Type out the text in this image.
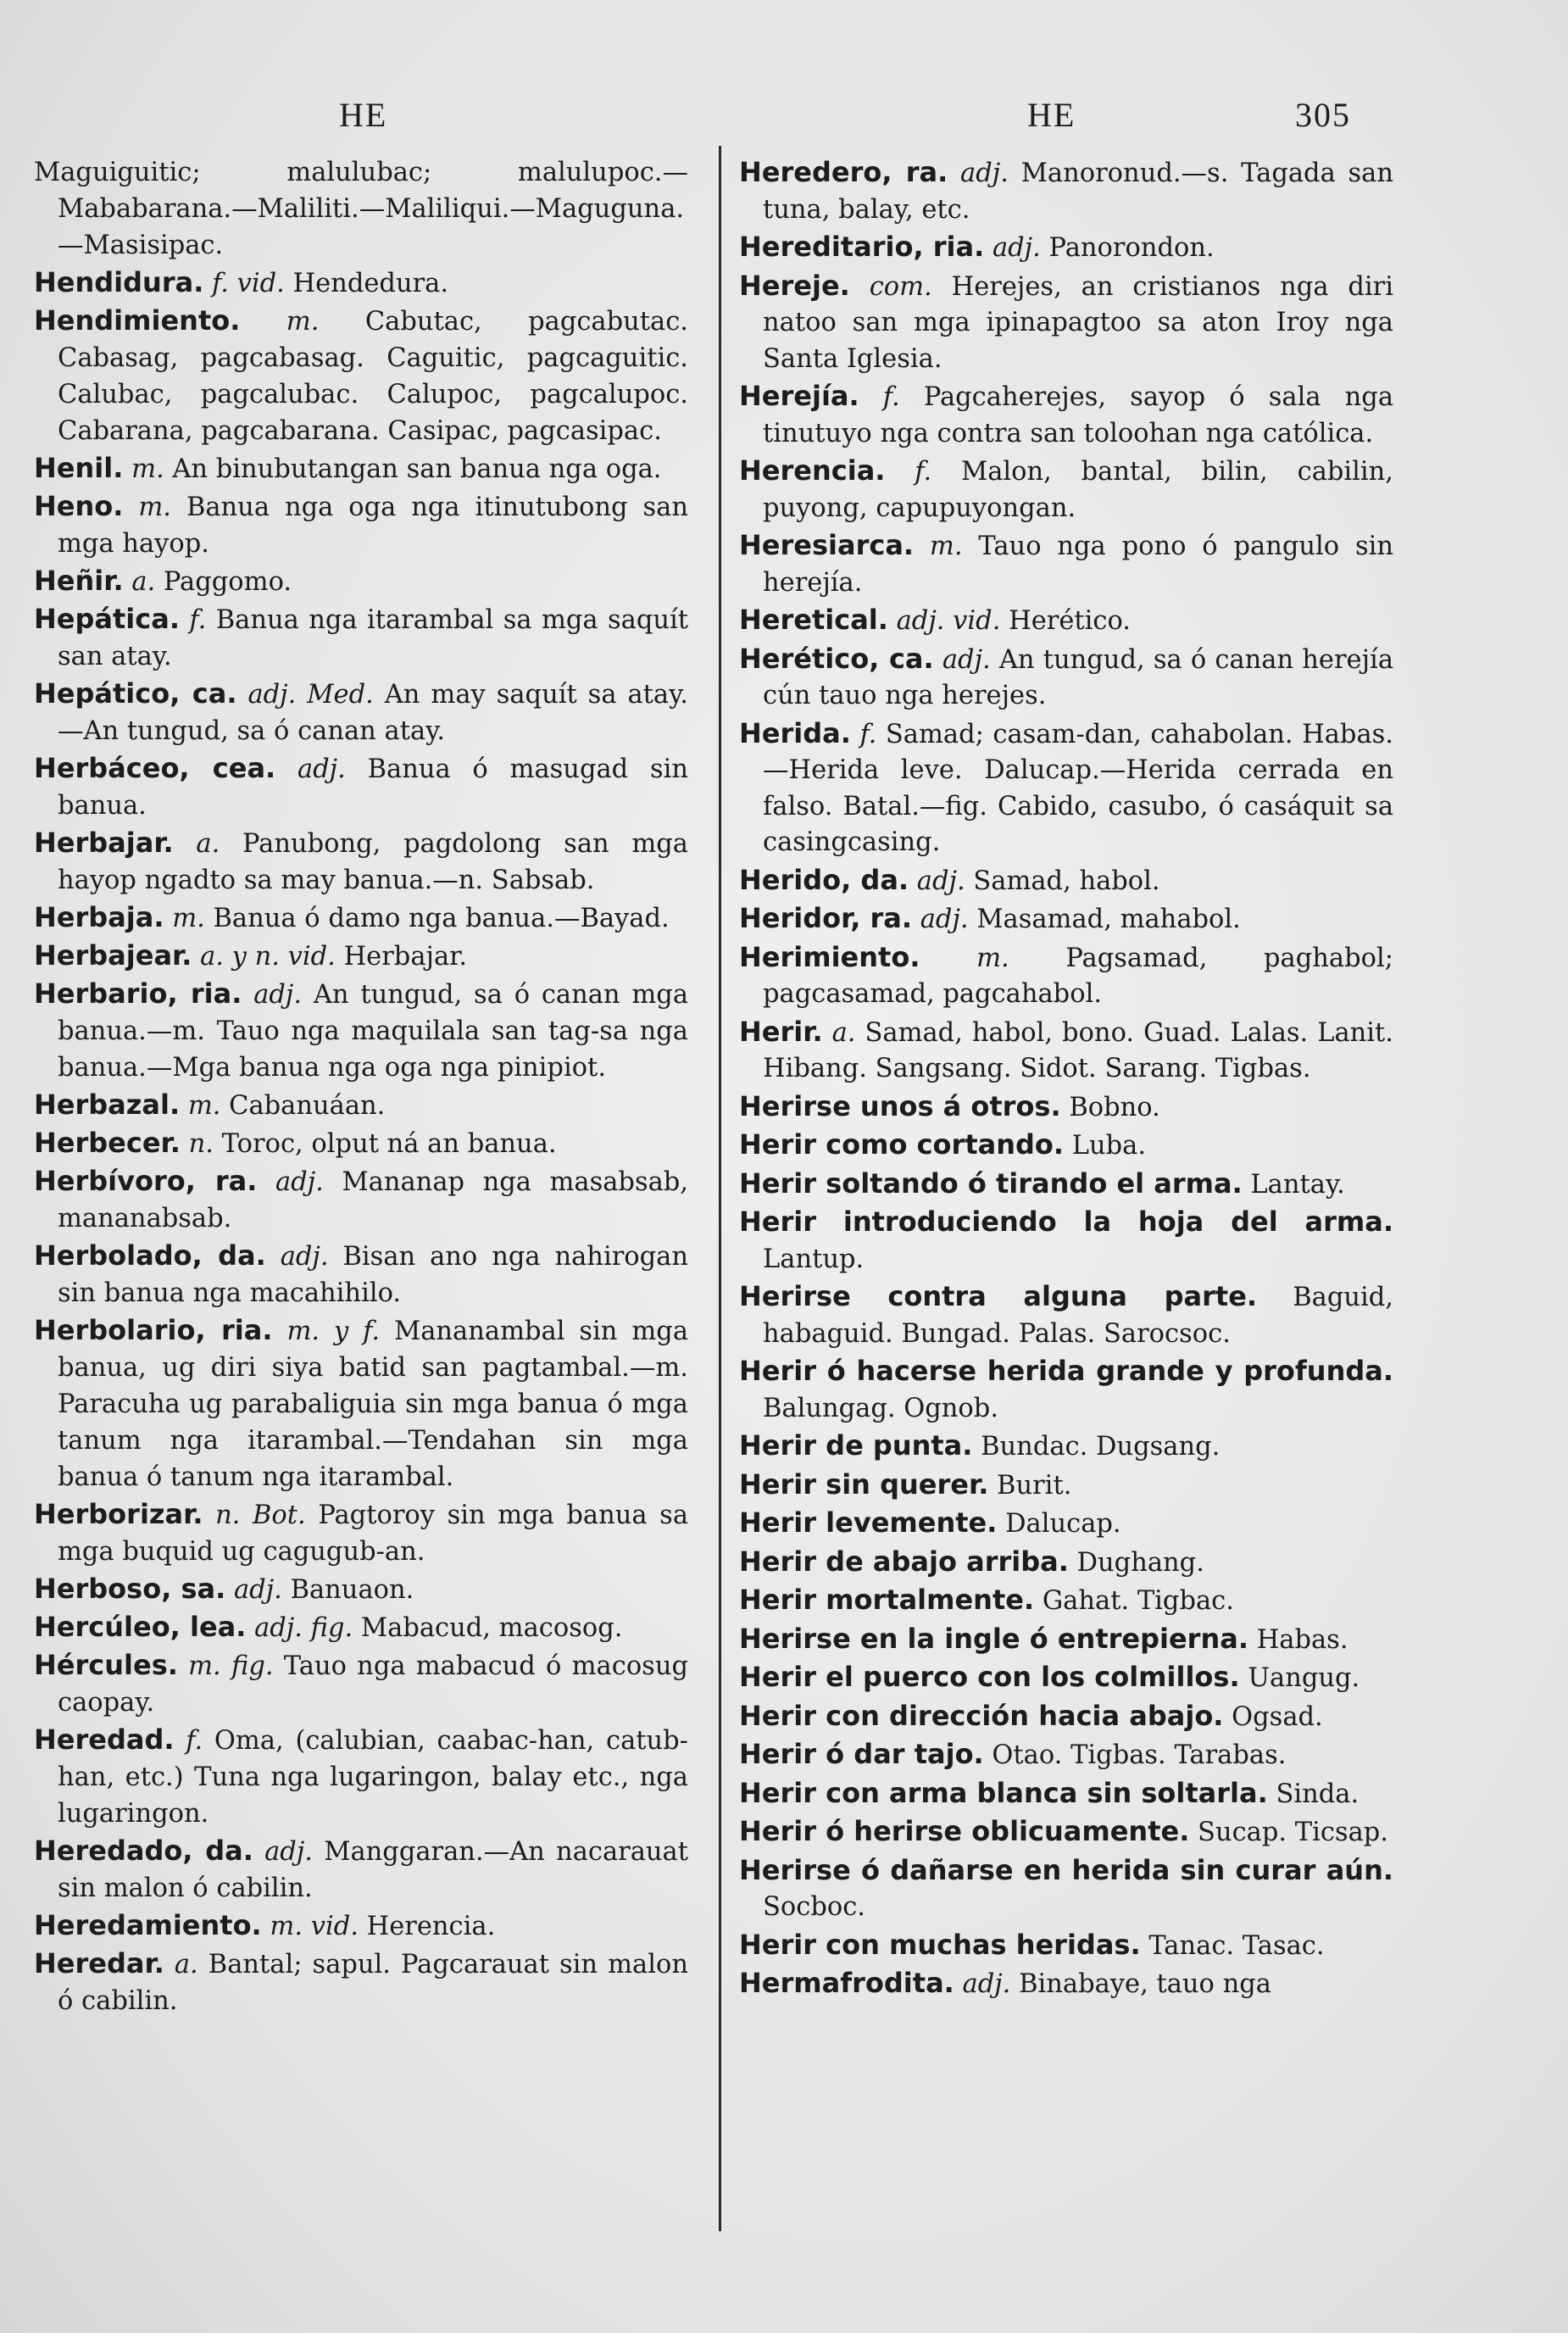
HE	HE	305

Maguiguitic; malulubac; malulupoc.—Mababarana.—Maliliti.—Maliliqui.—Maguguna.—Masisipac.

Hendidura. f. vid. Hendedura.

Hendimiento. m. Cabutac, pagcabutac. Cabasag, pagcabasag. Caguitic, pagcaguitic. Calubac, pagcalubac. Calupoc, pagcalupoc. Cabarana, pagcabarana. Casipac, pagcasipac.

Henil. m. An binubutangan san banua nga oga.

Heno. m. Banua nga oga nga itinutubong san mga hayop.

Heñir. a. Paggomo.

Hepática. f. Banua nga itarambal sa mga saquít san atay.

Hepático, ca. adj. Med. An may saquít sa atay.—An tungud, sa ó canan atay.

Herbáceo, cea. adj. Banua ó masugad sin banua.

Herbajar. a. Panubong, pagdolong san mga hayop ngadto sa may banua.—n. Sabsab.

Herbaja. m. Banua ó damo nga banua.—Bayad.

Herbajear. a. y n. vid. Herbajar.

Herbario, ria. adj. An tungud, sa ó canan mga banua.—m. Tauo nga maquilala san tag-sa nga banua.—Mga banua nga oga nga pinipiot.

Herbazal. m. Cabanuáan.

Herbecer. n. Toroc, olput ná an banua.

Herbívoro, ra. adj. Mananap nga masabsab, mananabsab.

Herbolado, da. adj. Bisan ano nga nahirogan sin banua nga macahihilo.

Herbolario, ria. m. y f. Mananambal sin mga banua, ug diri siya batid san pagtambal.—m. Paracuha ug parabaliguia sin mga banua ó mga tanum nga itarambal.—Tendahan sin mga banua ó tanum nga itarambal.

Herborizar. n. Bot. Pagtoroy sin mga banua sa mga buquid ug cagugub-an.

Herboso, sa. adj. Banuaon.

Hercúleo, lea. adj. fig. Mabacud, macosog.

Hércules. m. fig. Tauo nga mabacud ó macosug caopay.

Heredad. f. Oma, (calubian, caabac-han, catub-han, etc.) Tuna nga lugaringon, balay etc., nga lugaringon.

Heredado, da. adj. Manggaran.—An nacarauat sin malon ó cabilin.

Heredamiento. m. vid. Herencia.

Heredar. a. Bantal; sapul. Pagcarauat sin malon ó cabilin.

Heredero, ra. adj. Manoronud.—s. Tagada san tuna, balay, etc.

Hereditario, ria. adj. Panorondon.

Hereje. com. Herejes, an cristianos nga diri natoo san mga ipinapagtoo sa aton Iroy nga Santa Iglesia.

Herejía. f. Pagcaherejes, sayop ó sala nga tinutuyo nga contra san toloohan nga católica.

Herencia. f. Malon, bantal, bilin, cabilin, puyong, capupuyongan.

Heresiarca. m. Tauo nga pono ó pangulo sin herejía.

Heretical. adj. vid. Herético.

Herético, ca. adj. An tungud, sa ó canan herejía cún tauo nga herejes.

Herida. f. Samad; casam-dan, cahabolan. Habas.—Herida leve. Dalucap.—Herida cerrada en falso. Batal.—fig. Cabido, casubo, ó casáquit sa casingcasing.

Herido, da. adj. Samad, habol.

Heridor, ra. adj. Masamad, mahabol.

Herimiento. m. Pagsamad, paghabol; pagcasamad, pagcahabol.

Herir. a. Samad, habol, bono. Guad. Lalas. Lanit. Hibang. Sangsang. Sidot. Sarang. Tigbas.

Herirse unos á otros. Bobno.

Herir como cortando. Luba.

Herir soltando ó tirando el arma. Lantay.

Herir introduciendo la hoja del arma. Lantup.

Herirse contra alguna parte. Baguid, habaguid. Bungad. Palas. Sarocsoc.

Herir ó hacerse herida grande y profunda. Balungag. Ognob.

Herir de punta. Bundac. Dugsang.

Herir sin querer. Burit.

Herir levemente. Dalucap.

Herir de abajo arriba. Dughang.

Herir mortalmente. Gahat. Tigbac.

Herirse en la ingle ó entrepierna. Habas.

Herir el puerco con los colmillos. Uangug.

Herir con dirección hacia abajo. Ogsad.

Herir ó dar tajo. Otao. Tigbas. Tarabas.

Herir con arma blanca sin soltarla. Sinda.

Herir ó herirse oblicuamente. Sucap. Ticsap.

Herirse ó dañarse en herida sin curar aún. Socboc.

Herir con muchas heridas. Tanac. Tasac.

Hermafrodita. adj. Binabaye, tauo nga
